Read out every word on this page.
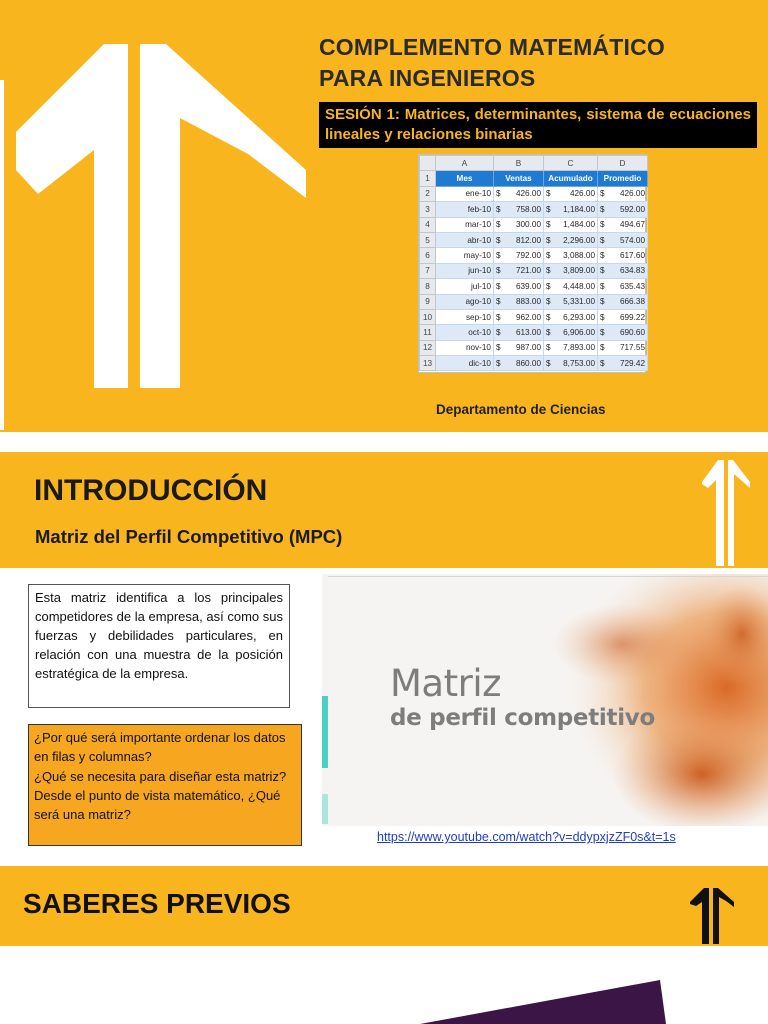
COMPLEMENTO MATEMÁTICO
PARA INGENIEROS
SESIÓN 1: Matrices, determinantes, sistema de ecuaciones lineales y relaciones binarias
	A	B	C	D
1	Mes	Ventas	Acumulado	Promedio
2	ene-10	$ 426.00	$ 426.00	$ 426.00
3	feb-10	$ 758.00	$ 1,184.00	$ 592.00
4	mar-10	$ 300.00	$ 1,484.00	$ 494.67
5	abr-10	$ 812.00	$ 2,296.00	$ 574.00
6	may-10	$ 792.00	$ 3,088.00	$ 617.60
7	jun-10	$ 721.00	$ 3,809.00	$ 634.83
8	jul-10	$ 639.00	$ 4,448.00	$ 635.43
9	ago-10	$ 883.00	$ 5,331.00	$ 666.38
10	sep-10	$ 962.00	$ 6,293.00	$ 699.22
11	oct-10	$ 613.00	$ 6,906.00	$ 690.60
12	nov-10	$ 987.00	$ 7,893.00	$ 717.55
13	dic-10	$ 860.00	$ 8,753.00	$ 729.42
Departamento de Ciencias
INTRODUCCIÓN
Matriz del Perfil Competitivo (MPC)
Esta matriz identifica a los principales competidores de la empresa, así como sus fuerzas y debilidades particulares, en relación con una muestra de la posición estratégica de la empresa.
¿Por qué será importante ordenar los datos en filas y columnas?
¿Qué se necesita para diseñar esta matriz?
Desde el punto de vista matemático, ¿Qué será una matriz?
Matriz
de perfil competitivo
https://www.youtube.com/watch?v=ddypxjzZF0s&t=1s
SABERES PREVIOS
